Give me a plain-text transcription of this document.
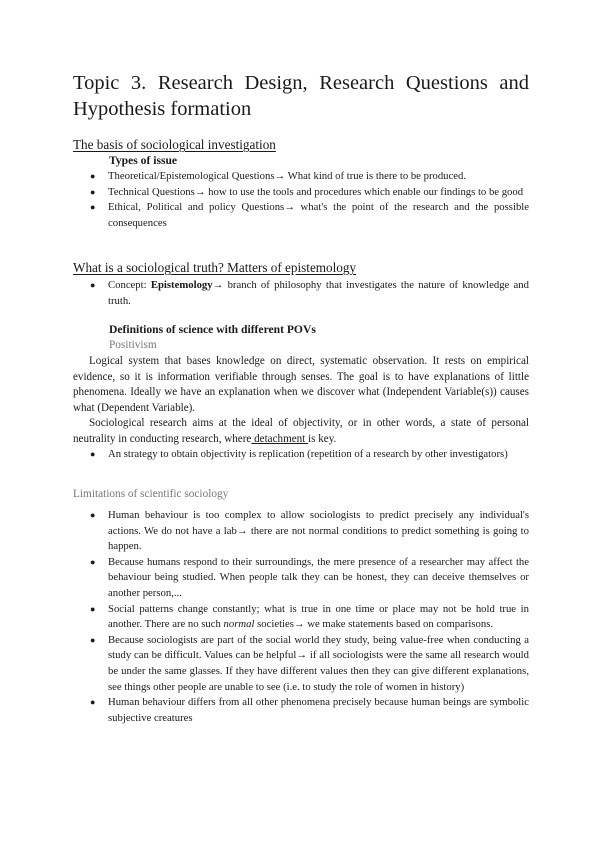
Topic 3. Research Design, Research Questions and
Hypothesis formation
The basis of sociological investigation
Types of issue
● Theoretical/Epistemological Questions→ What kind of true is there to be produced.
● Technical Questions→ how to use the tools and procedures which enable our findings to be good
● Ethical, Political and policy Questions→ what's the point of the research and the possible consequences
What is a sociological truth? Matters of epistemology
● Concept: Epistemology→ branch of philosophy that investigates the nature of knowledge and truth.
Definitions of science with different POVs
Positivism
Logical system that bases knowledge on direct, systematic observation. It rests on empirical evidence, so it is information verifiable through senses. The goal is to have explanations of little phenomena. Ideally we have an explanation when we discover what (Independent Variable(s)) causes what (Dependent Variable).
Sociological research aims at the ideal of objectivity, or in other words, a state of personal neutrality in conducting research, where detachment is key.
● An strategy to obtain objectivity is replication (repetition of a research by other investigators)
Limitations of scientific sociology
● Human behaviour is too complex to allow sociologists to predict precisely any individual's actions. We do not have a lab→ there are not normal conditions to predict something is going to happen.
● Because humans respond to their surroundings, the mere presence of a researcher may affect the behaviour being studied. When people talk they can be honest, they can deceive themselves or another person,...
● Social patterns change constantly; what is true in one time or place may not be hold true in another. There are no such normal societies→ we make statements based on comparisons.
● Because sociologists are part of the social world they study, being value-free when conducting a study can be difficult. Values can be helpful→ if all sociologists were the same all research would be under the same glasses. If they have different values then they can give different explanations, see things other people are unable to see (i.e. to study the role of women in history)
● Human behaviour differs from all other phenomena precisely because human beings are symbolic subjective creatures
